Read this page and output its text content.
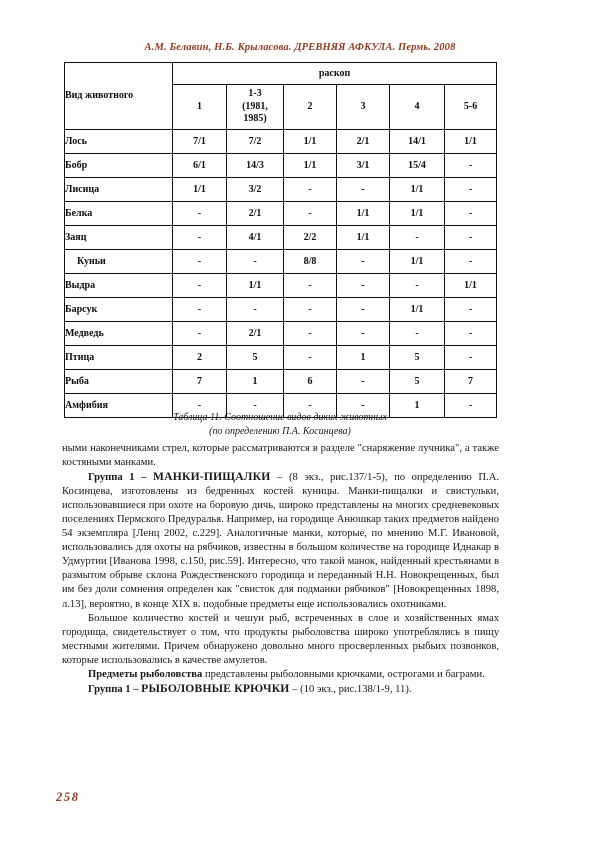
А.М. Белавин, Н.Б. Крыласова. ДРЕВНЯЯ АФКУЛА. Пермь. 2008
Вид животного	раскоп					

	1	1-3
(1981,
1985)	2	3	4	5-6

Лось	7/1	7/2	1/1	2/1	14/1	1/1
Бобр	6/1	14/3	1/1	3/1	15/4	-
Лисица	1/1	3/2	-	-	1/1	-
Белка	-	2/1	-	1/1	1/1	-
Заяц	-	4/1	2/2	1/1	-	-
Куньи	-	-	8/8	-	1/1	-
Выдра	-	1/1	-	-	-	1/1
Барсук	-	-	-	-	1/1	-
Медведь	-	2/1	-	-	-	-
Птица	2	5	-	1	5	-
Рыба	7	1	6	-	5	7
Амфибия	-	-	-	-	1	-
Таблица 11. Соотношение видов диких животных
(по определению П.А. Косинцева)

ными наконечниками стрел, которые рассматриваются в разделе "снаряжение лучника", а также костяными манками.

Группа 1 – МАНКИ-ПИЩАЛКИ – (8 экз., рис.137/1-5), по определению П.А. Косинцева, изготовлены из бедренных костей куницы. Манки-пищалки и свистульки, использовавшиеся при охоте на боровую дичь, широко представлены на многих средневековых поселениях Пермского Предуралья. Например, на городище Анюшкар таких предметов найдено 54 экземпляра [Ленц 2002, с.229]. Аналогичные манки, которые, по мнению М.Г. Ивановой, использовались для охоты на рябчиков, известны в большом количестве на городище Иднакар в Удмуртии [Иванова 1998, с.150, рис.59]. Интересно, что такой манок, найденный крестьянами в размытом обрыве склона Рождественского городища и переданный Н.Н. Новокрещенных, был им без доли сомнения определен как "свисток для подманки рябчиков" [Новокрещенных 1898, л.13], вероятно, в конце XIX в. подобные предметы еще использовались охотниками.

Большое количество костей и чешуи рыб, встреченных в слое и хозяйственных ямах городища, свидетельствует о том, что продукты рыболовства широко употреблялись в пищу местными жителями. Причем обнаружено довольно много просверленных рыбьих позвонков, которые использовались в качестве амулетов.

Предметы рыболовства представлены рыболовными крючками, острогами и баграми.

Группа 1 – РЫБОЛОВНЫЕ КРЮЧКИ – (10 экз., рис.138/1-9, 11).

258
